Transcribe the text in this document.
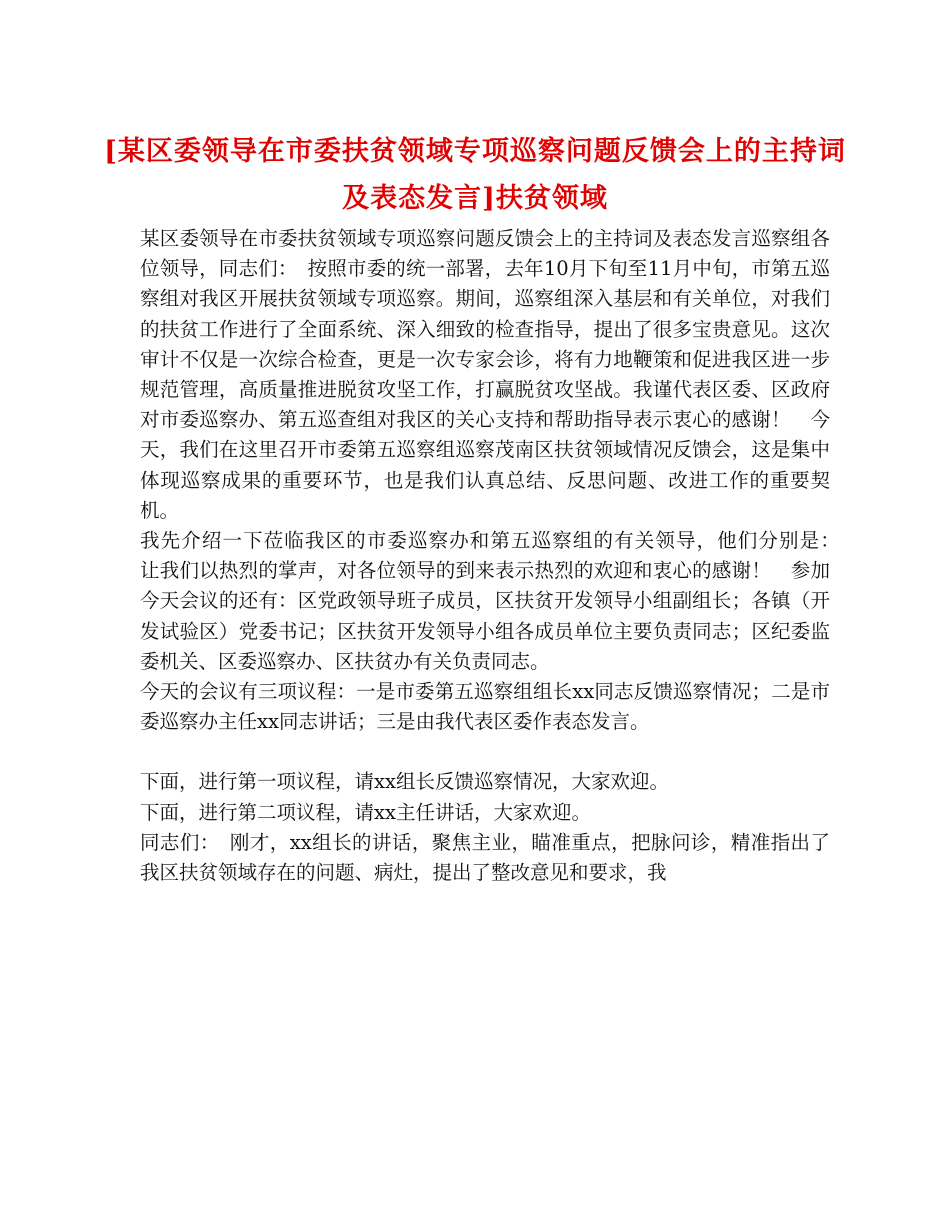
[某区委领导在市委扶贫领域专项巡察问题反馈会上的主持词及表态发言]扶贫领域

某区委领导在市委扶贫领域专项巡察问题反馈会上的主持词及表态发言巡察组各位领导，同志们：　按照市委的统一部署，去年10月下旬至11月中旬，市第五巡察组对我区开展扶贫领域专项巡察。期间，巡察组深入基层和有关单位，对我们的扶贫工作进行了全面系统、深入细致的检查指导，提出了很多宝贵意见。这次审计不仅是一次综合检查，更是一次专家会诊，将有力地鞭策和促进我区进一步规范管理，高质量推进脱贫攻坚工作，打赢脱贫攻坚战。我谨代表区委、区政府对市委巡察办、第五巡查组对我区的关心支持和帮助指导表示衷心的感谢！　今天，我们在这里召开市委第五巡察组巡察茂南区扶贫领域情况反馈会，这是集中体现巡察成果的重要环节，也是我们认真总结、反思问题、改进工作的重要契机。

我先介绍一下莅临我区的市委巡察办和第五巡察组的有关领导，他们分别是：　让我们以热烈的掌声，对各位领导的到来表示热烈的欢迎和衷心的感谢！　参加今天会议的还有：区党政领导班子成员，区扶贫开发领导小组副组长；各镇（开发试验区）党委书记；区扶贫开发领导小组各成员单位主要负责同志；区纪委监委机关、区委巡察办、区扶贫办有关负责同志。

今天的会议有三项议程：一是市委第五巡察组组长xx同志反馈巡察情况；二是市委巡察办主任xx同志讲话；三是由我代表区委作表态发言。

下面，进行第一项议程，请xx组长反馈巡察情况，大家欢迎。

下面，进行第二项议程，请xx主任讲话，大家欢迎。

同志们：　刚才，xx组长的讲话，聚焦主业，瞄准重点，把脉问诊，精准指出了我区扶贫领域存在的问题、病灶，提出了整改意见和要求，我
